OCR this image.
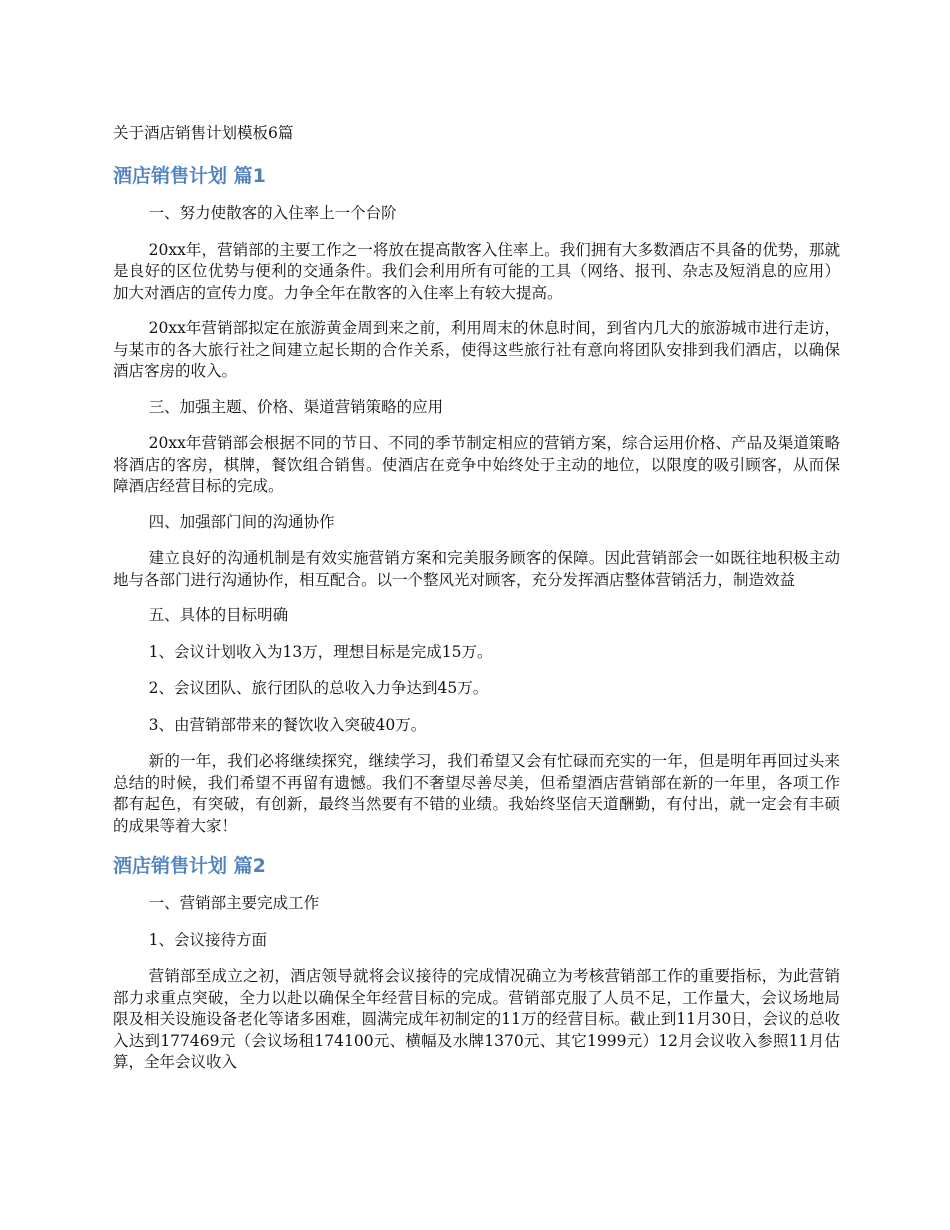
关于酒店销售计划模板6篇
酒店销售计划 篇1

一、努力使散客的入住率上一个台阶

20xx年，营销部的主要工作之一将放在提高散客入住率上。我们拥有大多数酒店不具备的优势，那就是良好的区位优势与便利的交通条件。我们会利用所有可能的工具（网络、报刊、杂志及短消息的应用）加大对酒店的宣传力度。力争全年在散客的入住率上有较大提高。

20xx年营销部拟定在旅游黄金周到来之前，利用周末的休息时间，到省内几大的旅游城市进行走访，与某市的各大旅行社之间建立起长期的合作关系，使得这些旅行社有意向将团队安排到我们酒店，以确保酒店客房的收入。

三、加强主题、价格、渠道营销策略的应用

20xx年营销部会根据不同的节日、不同的季节制定相应的营销方案，综合运用价格、产品及渠道策略将酒店的客房，棋牌，餐饮组合销售。使酒店在竞争中始终处于主动的地位，以限度的吸引顾客，从而保障酒店经营目标的完成。

四、加强部门间的沟通协作

建立良好的沟通机制是有效实施营销方案和完美服务顾客的保障。因此营销部会一如既往地积极主动地与各部门进行沟通协作，相互配合。以一个整风光对顾客，充分发挥酒店整体营销活力，制造效益

五、具体的目标明确

1、会议计划收入为13万，理想目标是完成15万。

2、会议团队、旅行团队的总收入力争达到45万。

3、由营销部带来的餐饮收入突破40万。

新的一年，我们必将继续探究，继续学习，我们希望又会有忙碌而充实的一年，但是明年再回过头来总结的时候，我们希望不再留有遗憾。我们不奢望尽善尽美，但希望酒店营销部在新的一年里，各项工作都有起色，有突破，有创新，最终当然要有不错的业绩。我始终坚信天道酬勤，有付出，就一定会有丰硕的成果等着大家！

酒店销售计划 篇2

一、营销部主要完成工作

1、会议接待方面

营销部至成立之初，酒店领导就将会议接待的完成情况确立为考核营销部工作的重要指标，为此营销部力求重点突破，全力以赴以确保全年经营目标的完成。营销部克服了人员不足，工作量大，会议场地局限及相关设施设备老化等诸多困难，圆满完成年初制定的11万的经营目标。截止到11月30日，会议的总收入达到177469元（会议场租174100元、横幅及水牌1370元、其它1999元）12月会议收入参照11月估算，全年会议收入
